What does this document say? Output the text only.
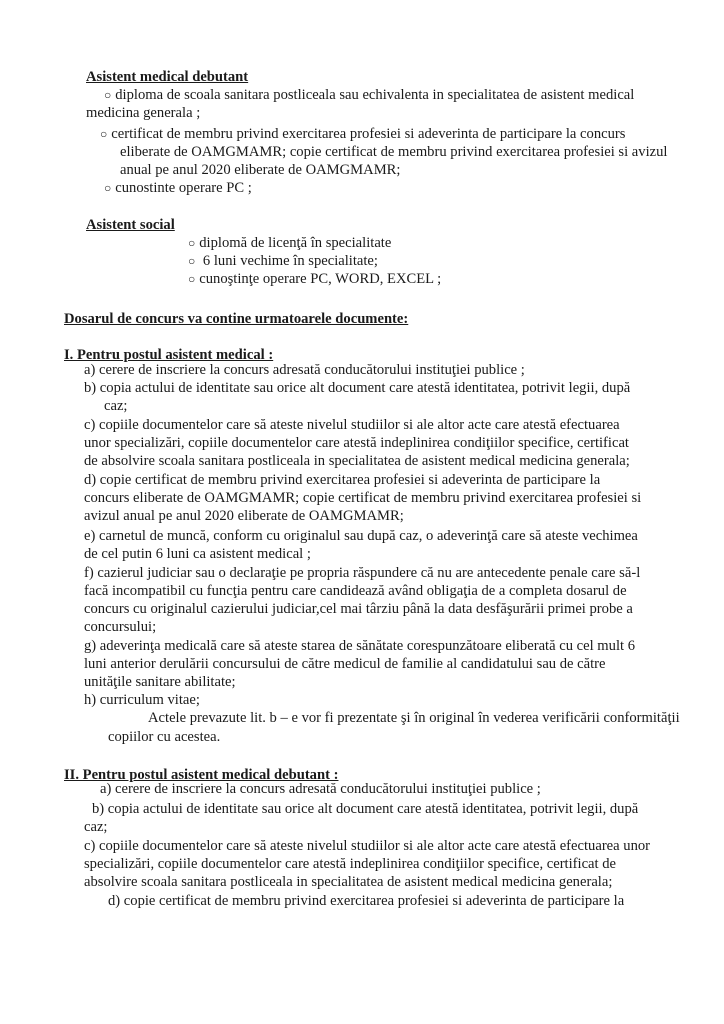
Asistent medical debutant
○ diploma de scoala sanitara postliceala sau echivalenta in specialitatea de asistent medical
medicina generala ;
○ certificat de membru privind exercitarea profesiei si adeverinta de participare la concurs
eliberate de OAMGMAMR; copie certificat de membru privind exercitarea profesiei si avizul
anual pe anul 2020 eliberate de OAMGMAMR;
○ cunostinte operare PC ;
Asistent social
○ diplomă de licenţă în specialitate
○ 6 luni vechime în specialitate;
○ cunoştinţe operare PC, WORD, EXCEL ;
Dosarul de concurs va contine urmatoarele documente:
I. Pentru postul asistent medical :
a) cerere de inscriere la concurs adresată conducătorului instituţiei publice ;
b) copia actului de identitate sau orice alt document care atestă identitatea, potrivit legii, după
caz;
c) copiile documentelor care să ateste nivelul studiilor si ale altor acte care atestă efectuarea
unor specializări, copiile documentelor care atestă indeplinirea condiţiilor specifice, certificat
de absolvire scoala sanitara postliceala in specialitatea de asistent medical medicina generala;
d) copie certificat de membru privind exercitarea profesiei si adeverinta de participare la
concurs eliberate de OAMGMAMR; copie certificat de membru privind exercitarea profesiei si
avizul anual pe anul 2020 eliberate de OAMGMAMR;
e) carnetul de muncă, conform cu originalul sau după caz, o adeverinţă care să ateste vechimea
de cel putin 6 luni ca asistent medical ;
f) cazierul judiciar sau o declaraţie pe propria răspundere că nu are antecedente penale care să-l
facă incompatibil cu funcţia pentru care candidează având obligaţia de a completa dosarul de
concurs cu originalul cazierului judiciar,cel mai târziu până la data desfăşurării primei probe a
concursului;
g) adeverinţa medicală care să ateste starea de sănătate corespunzătoare eliberată cu cel mult 6
luni anterior derulării concursului de către medicul de familie al candidatului sau de către
unităţile sanitare abilitate;
h) curriculum vitae;
Actele prevazute lit. b – e vor fi prezentate şi în original în vederea verificării conformităţii
copiilor cu acestea.
II. Pentru postul asistent medical debutant :
a) cerere de inscriere la concurs adresată conducătorului instituţiei publice ;
b) copia actului de identitate sau orice alt document care atestă identitatea, potrivit legii, după
caz;
c) copiile documentelor care să ateste nivelul studiilor si ale altor acte care atestă efectuarea unor
specializări, copiile documentelor care atestă indeplinirea condiţiilor specifice, certificat de
absolvire scoala sanitara postliceala in specialitatea de asistent medical medicina generala;
d) copie certificat de membru privind exercitarea profesiei si adeverinta de participare la
